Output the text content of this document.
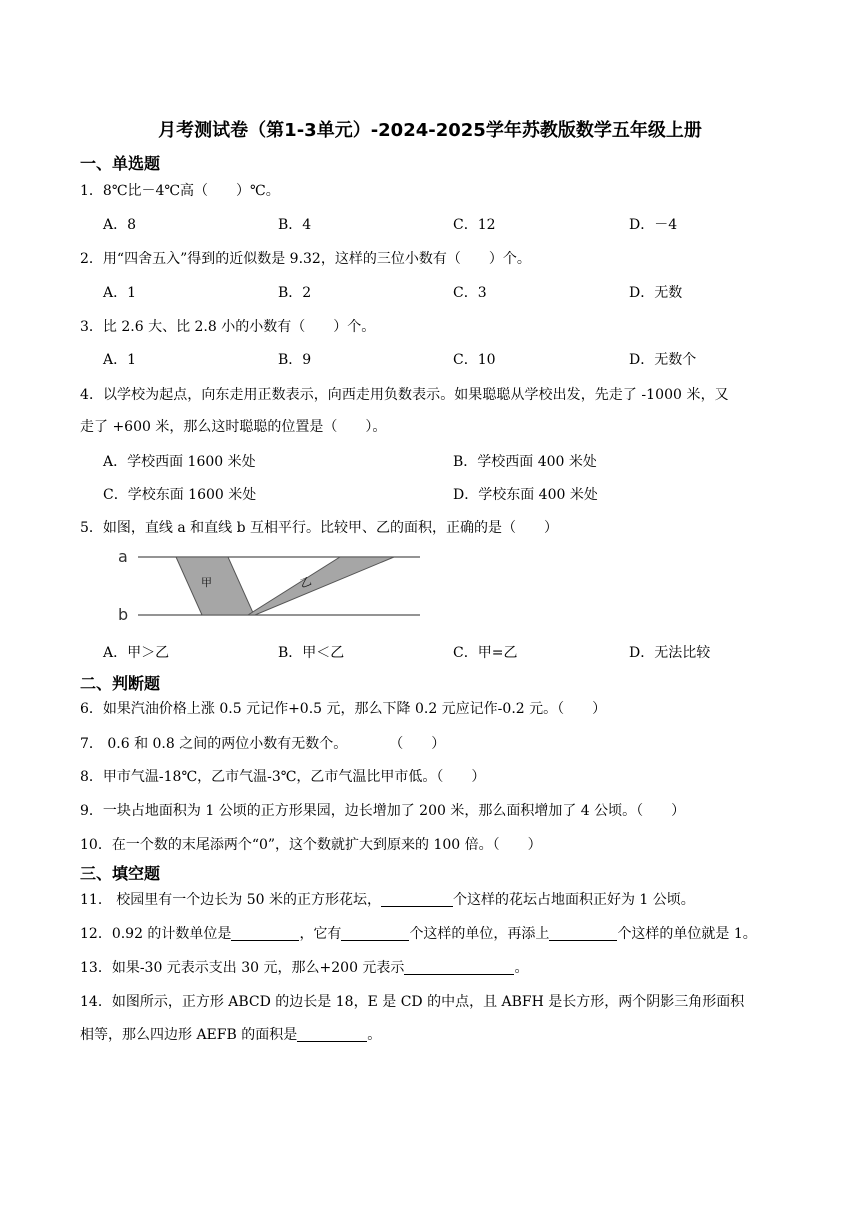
月考测试卷（第1-3单元）-2024-2025学年苏教版数学五年级上册
一、单选题
1．8℃比－4℃高（　　）℃。
A．8	B．4	C．12	D．－4
2．用“四舍五入”得到的近似数是 9.32，这样的三位小数有（　　）个。
A．1	B．2	C．3	D．无数
3．比 2.6 大、比 2.8 小的小数有（　　）个。
A．1	B．9	C．10	D．无数个
4．以学校为起点，向东走用正数表示，向西走用负数表示。如果聪聪从学校出发，先走了 -1000 米，又
走了 +600 米，那么这时聪聪的位置是（　　）。
A．学校西面 1600 米处	B．学校西面 400 米处
C．学校东面 1600 米处	D．学校东面 400 米处
5．如图，直线 a 和直线 b 互相平行。比较甲、乙的面积，正确的是（　　）
a
b
甲	乙
A．甲＞乙	B．甲＜乙	C．甲=乙	D．无法比较
二、判断题
6．如果汽油价格上涨 0.5 元记作+0.5 元，那么下降 0.2 元应记作-0.2 元。（　　）
7． 0.6 和 0.8 之间的两位小数有无数个。　　　　（　　）
8．甲市气温-18℃，乙市气温-3℃，乙市气温比甲市低。（　　）
9．一块占地面积为 1 公顷的正方形果园，边长增加了 200 米，那么面积增加了 4 公顷。（　　）
10．在一个数的末尾添两个“0”，这个数就扩大到原来的 100 倍。（　　）
三、填空题
11． 校园里有一个边长为 50 米的正方形花坛，	个这样的花坛占地面积正好为 1 公顷。
12．0.92 的计数单位是	，它有	个这样的单位，再添上	个这样的单位就是 1。
13．如果-30 元表示支出 30 元，那么+200 元表示	。
14．如图所示，正方形 ABCD 的边长是 18，E 是 CD 的中点，且 ABFH 是长方形，两个阴影三角形面积
相等，那么四边形 AEFB 的面积是	。
